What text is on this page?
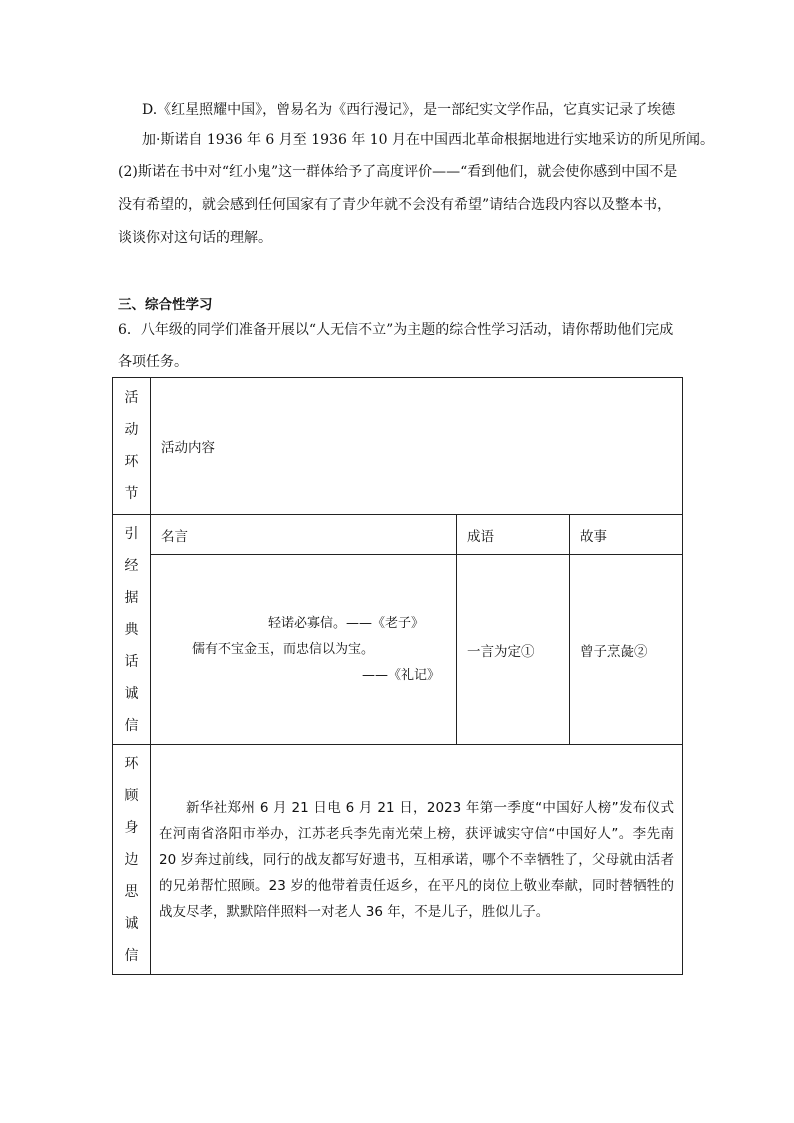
D.《红星照耀中国》，曾易名为《西行漫记》，是一部纪实文学作品，它真实记录了埃德
加·斯诺自 1936 年 6 月至 1936 年 10 月在中国西北革命根据地进行实地采访的所见所闻。
(2)斯诺在书中对“红小鬼”这一群体给予了高度评价——“看到他们，就会使你感到中国不是
没有希望的，就会感到任何国家有了青少年就不会没有希望”请结合选段内容以及整本书，
谈谈你对这句话的理解。
三、综合性学习
6．八年级的同学们准备开展以“人无信不立”为主题的综合性学习活动，请你帮助他们完成
各项任务。
活动环节	活动内容		
引经据典话诚信	名言	成语	故事

	轻诺必寡信。——《老子》
儒有不宝金玉，而忠信以为宝。
——《礼记》	一言为定①	曾子烹彘②
环顾身边思诚信	新华社郑州 6 月 21 日电 6 月 21 日，2023 年第一季度“中国好人榜”发布仪式在河南省洛阳市举办，江苏老兵李先南光荣上榜，获评诚实守信“中国好人”。李先南 20 岁奔过前线，同行的战友都写好遗书，互相承诺，哪个不幸牺牲了，父母就由活者的兄弟帮忙照顾。23 岁的他带着责任返乡，在平凡的岗位上敬业奉献，同时替牺牲的战友尽孝，默默陪伴照料一对老人 36 年，不是儿子，胜似儿子。		
